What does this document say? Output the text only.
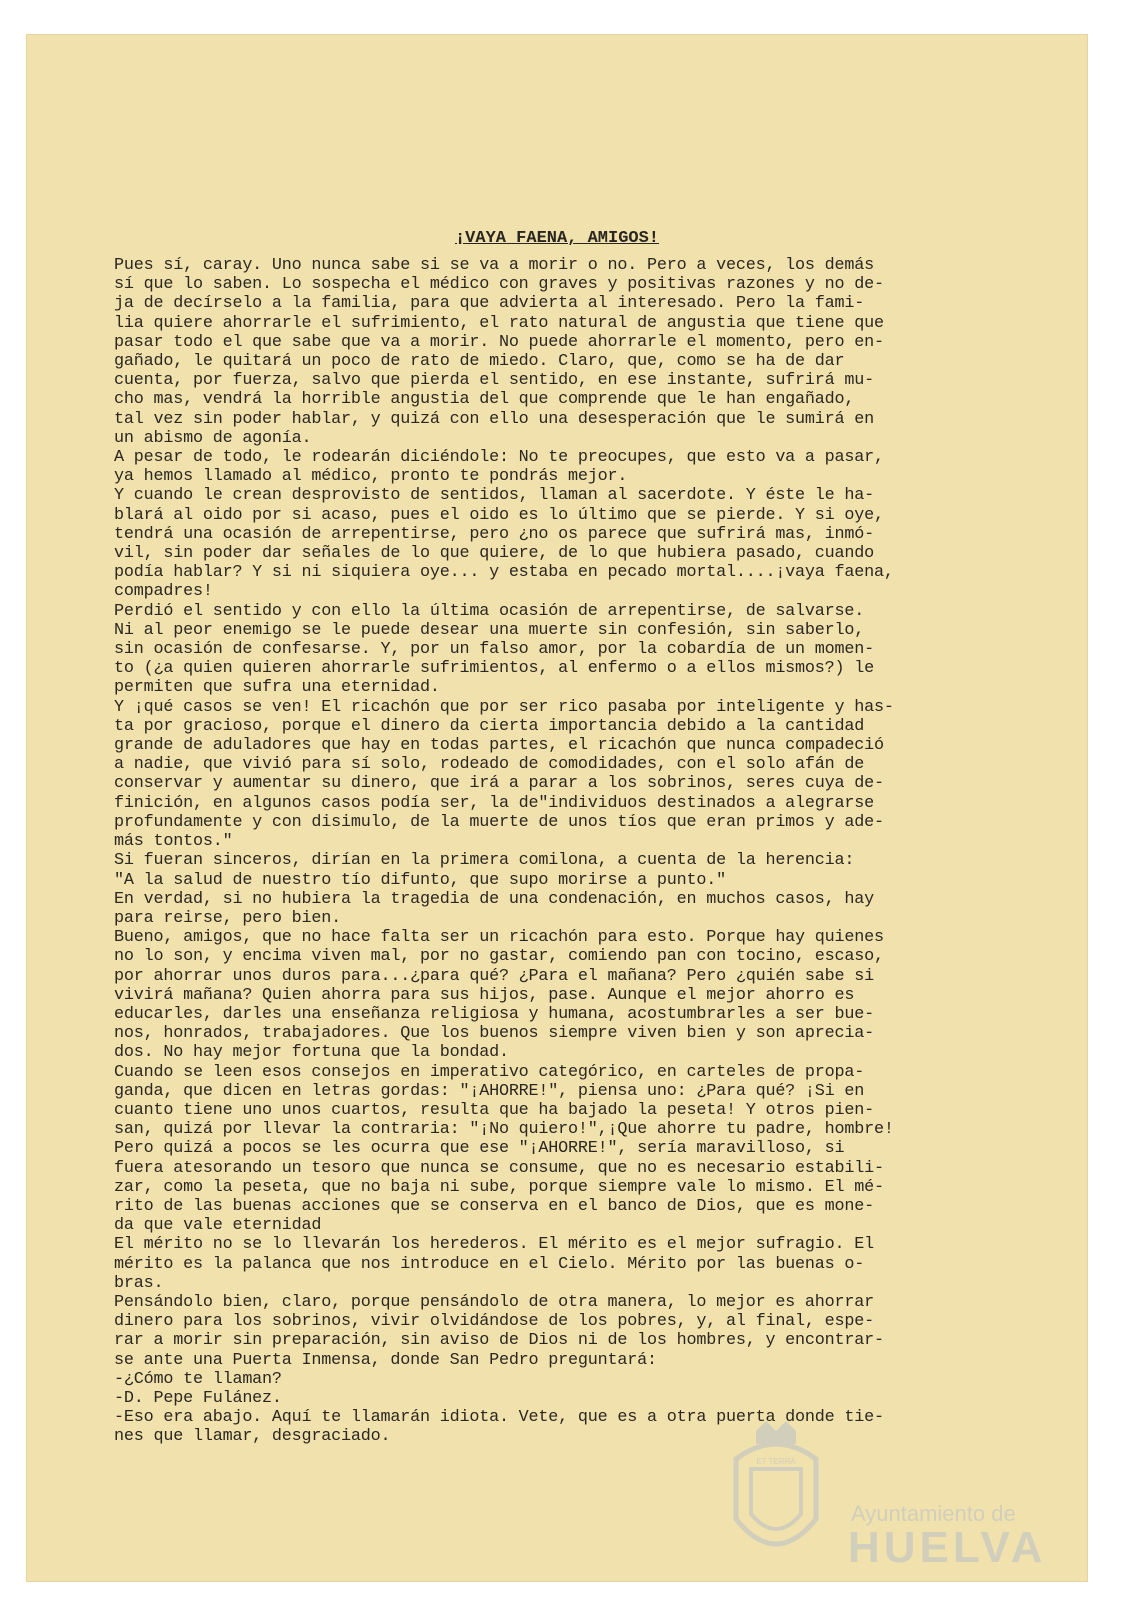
¡VAYA FAENA, AMIGOS!
Pues sí, caray. Uno nunca sabe si se va a morir o no. Pero a veces, los demás
sí que lo saben. Lo sospecha el médico con graves y positivas razones y no de-
ja de decírselo a la familia, para que advierta al interesado. Pero la fami-
lia quiere ahorrarle el sufrimiento, el rato natural de angustia que tiene que
pasar todo el que sabe que va a morir. No puede ahorrarle el momento, pero en-
gañado, le quitará un poco de rato de miedo. Claro, que, como se ha de dar
cuenta, por fuerza, salvo que pierda el sentido, en ese instante, sufrirá mu-
cho mas, vendrá la horrible angustia del que comprende que le han engañado,
tal vez sin poder hablar, y quizá con ello una desesperación que le sumirá en
un abismo de agonía.
A pesar de todo, le rodearán diciéndole: No te preocupes, que esto va a pasar,
ya hemos llamado al médico, pronto te pondrás mejor.
Y cuando le crean desprovisto de sentidos, llaman al sacerdote. Y éste le ha-
blará al oido por si acaso, pues el oido es lo último que se pierde. Y si oye,
tendrá una ocasión de arrepentirse, pero ¿no os parece que sufrirá mas, inmó-
vil, sin poder dar señales de lo que quiere, de lo que hubiera pasado, cuando
podía hablar? Y si ni siquiera oye... y estaba en pecado mortal....¡vaya faena,
compadres!
Perdió el sentido y con ello la última ocasión de arrepentirse, de salvarse.
Ni al peor enemigo se le puede desear una muerte sin confesión, sin saberlo,
sin ocasión de confesarse. Y, por un falso amor, por la cobardía de un momen-
to (¿a quien quieren ahorrarle sufrimientos, al enfermo o a ellos mismos?) le
permiten que sufra una eternidad.
Y ¡qué casos se ven! El ricachón que por ser rico pasaba por inteligente y has-
ta por gracioso, porque el dinero da cierta importancia debido a la cantidad
grande de aduladores que hay en todas partes, el ricachón que nunca compadeció
a nadie, que vivió para sí solo, rodeado de comodidades, con el solo afán de
conservar y aumentar su dinero, que irá a parar a los sobrinos, seres cuya de-
finición, en algunos casos podía ser, la de"individuos destinados a alegrarse
profundamente y con disimulo, de la muerte de unos tíos que eran primos y ade-
más tontos."
Si fueran sinceros, dirían en la primera comilona, a cuenta de la herencia:
"A la salud de nuestro tío difunto, que supo morirse a punto."
En verdad, si no hubiera la tragedia de una condenación, en muchos casos, hay
para reirse, pero bien.
Bueno, amigos, que no hace falta ser un ricachón para esto. Porque hay quienes
no lo son, y encima viven mal, por no gastar, comiendo pan con tocino, escaso,
por ahorrar unos duros para...¿para qué? ¿Para el mañana? Pero ¿quién sabe si
vivirá mañana? Quien ahorra para sus hijos, pase. Aunque el mejor ahorro es
educarles, darles una enseñanza religiosa y humana, acostumbrarles a ser bue-
nos, honrados, trabajadores. Que los buenos siempre viven bien y son aprecia-
dos. No hay mejor fortuna que la bondad.
Cuando se leen esos consejos en imperativo categórico, en carteles de propa-
ganda, que dicen en letras gordas: "¡AHORRE!", piensa uno: ¿Para qué? ¡Si en
cuanto tiene uno unos cuartos, resulta que ha bajado la peseta! Y otros pien-
san, quizá por llevar la contraria: "¡No quiero!",¡Que ahorre tu padre, hombre!
Pero quizá a pocos se les ocurra que ese "¡AHORRE!", sería maravilloso, si
fuera atesorando un tesoro que nunca se consume, que no es necesario estabili-
zar, como la peseta, que no baja ni sube, porque siempre vale lo mismo. El mé-
rito de las buenas acciones que se conserva en el banco de Dios, que es mone-
da que vale eternidad
El mérito no se lo llevarán los herederos. El mérito es el mejor sufragio. El
mérito es la palanca que nos introduce en el Cielo. Mérito por las buenas o-
bras.
Pensándolo bien, claro, porque pensándolo de otra manera, lo mejor es ahorrar
dinero para los sobrinos, vivir olvidándose de los pobres, y, al final, espe-
rar a morir sin preparación, sin aviso de Dios ni de los hombres, y encontrar-
se ante una Puerta Inmensa, donde San Pedro preguntará:
-¿Cómo te llaman?
-D. Pepe Fulánez.
-Eso era abajo. Aquí te llamarán idiota. Vete, que es a otra puerta donde tie-
nes que llamar, desgraciado.
ET TERRA
Ayuntamiento de
HUELVA
